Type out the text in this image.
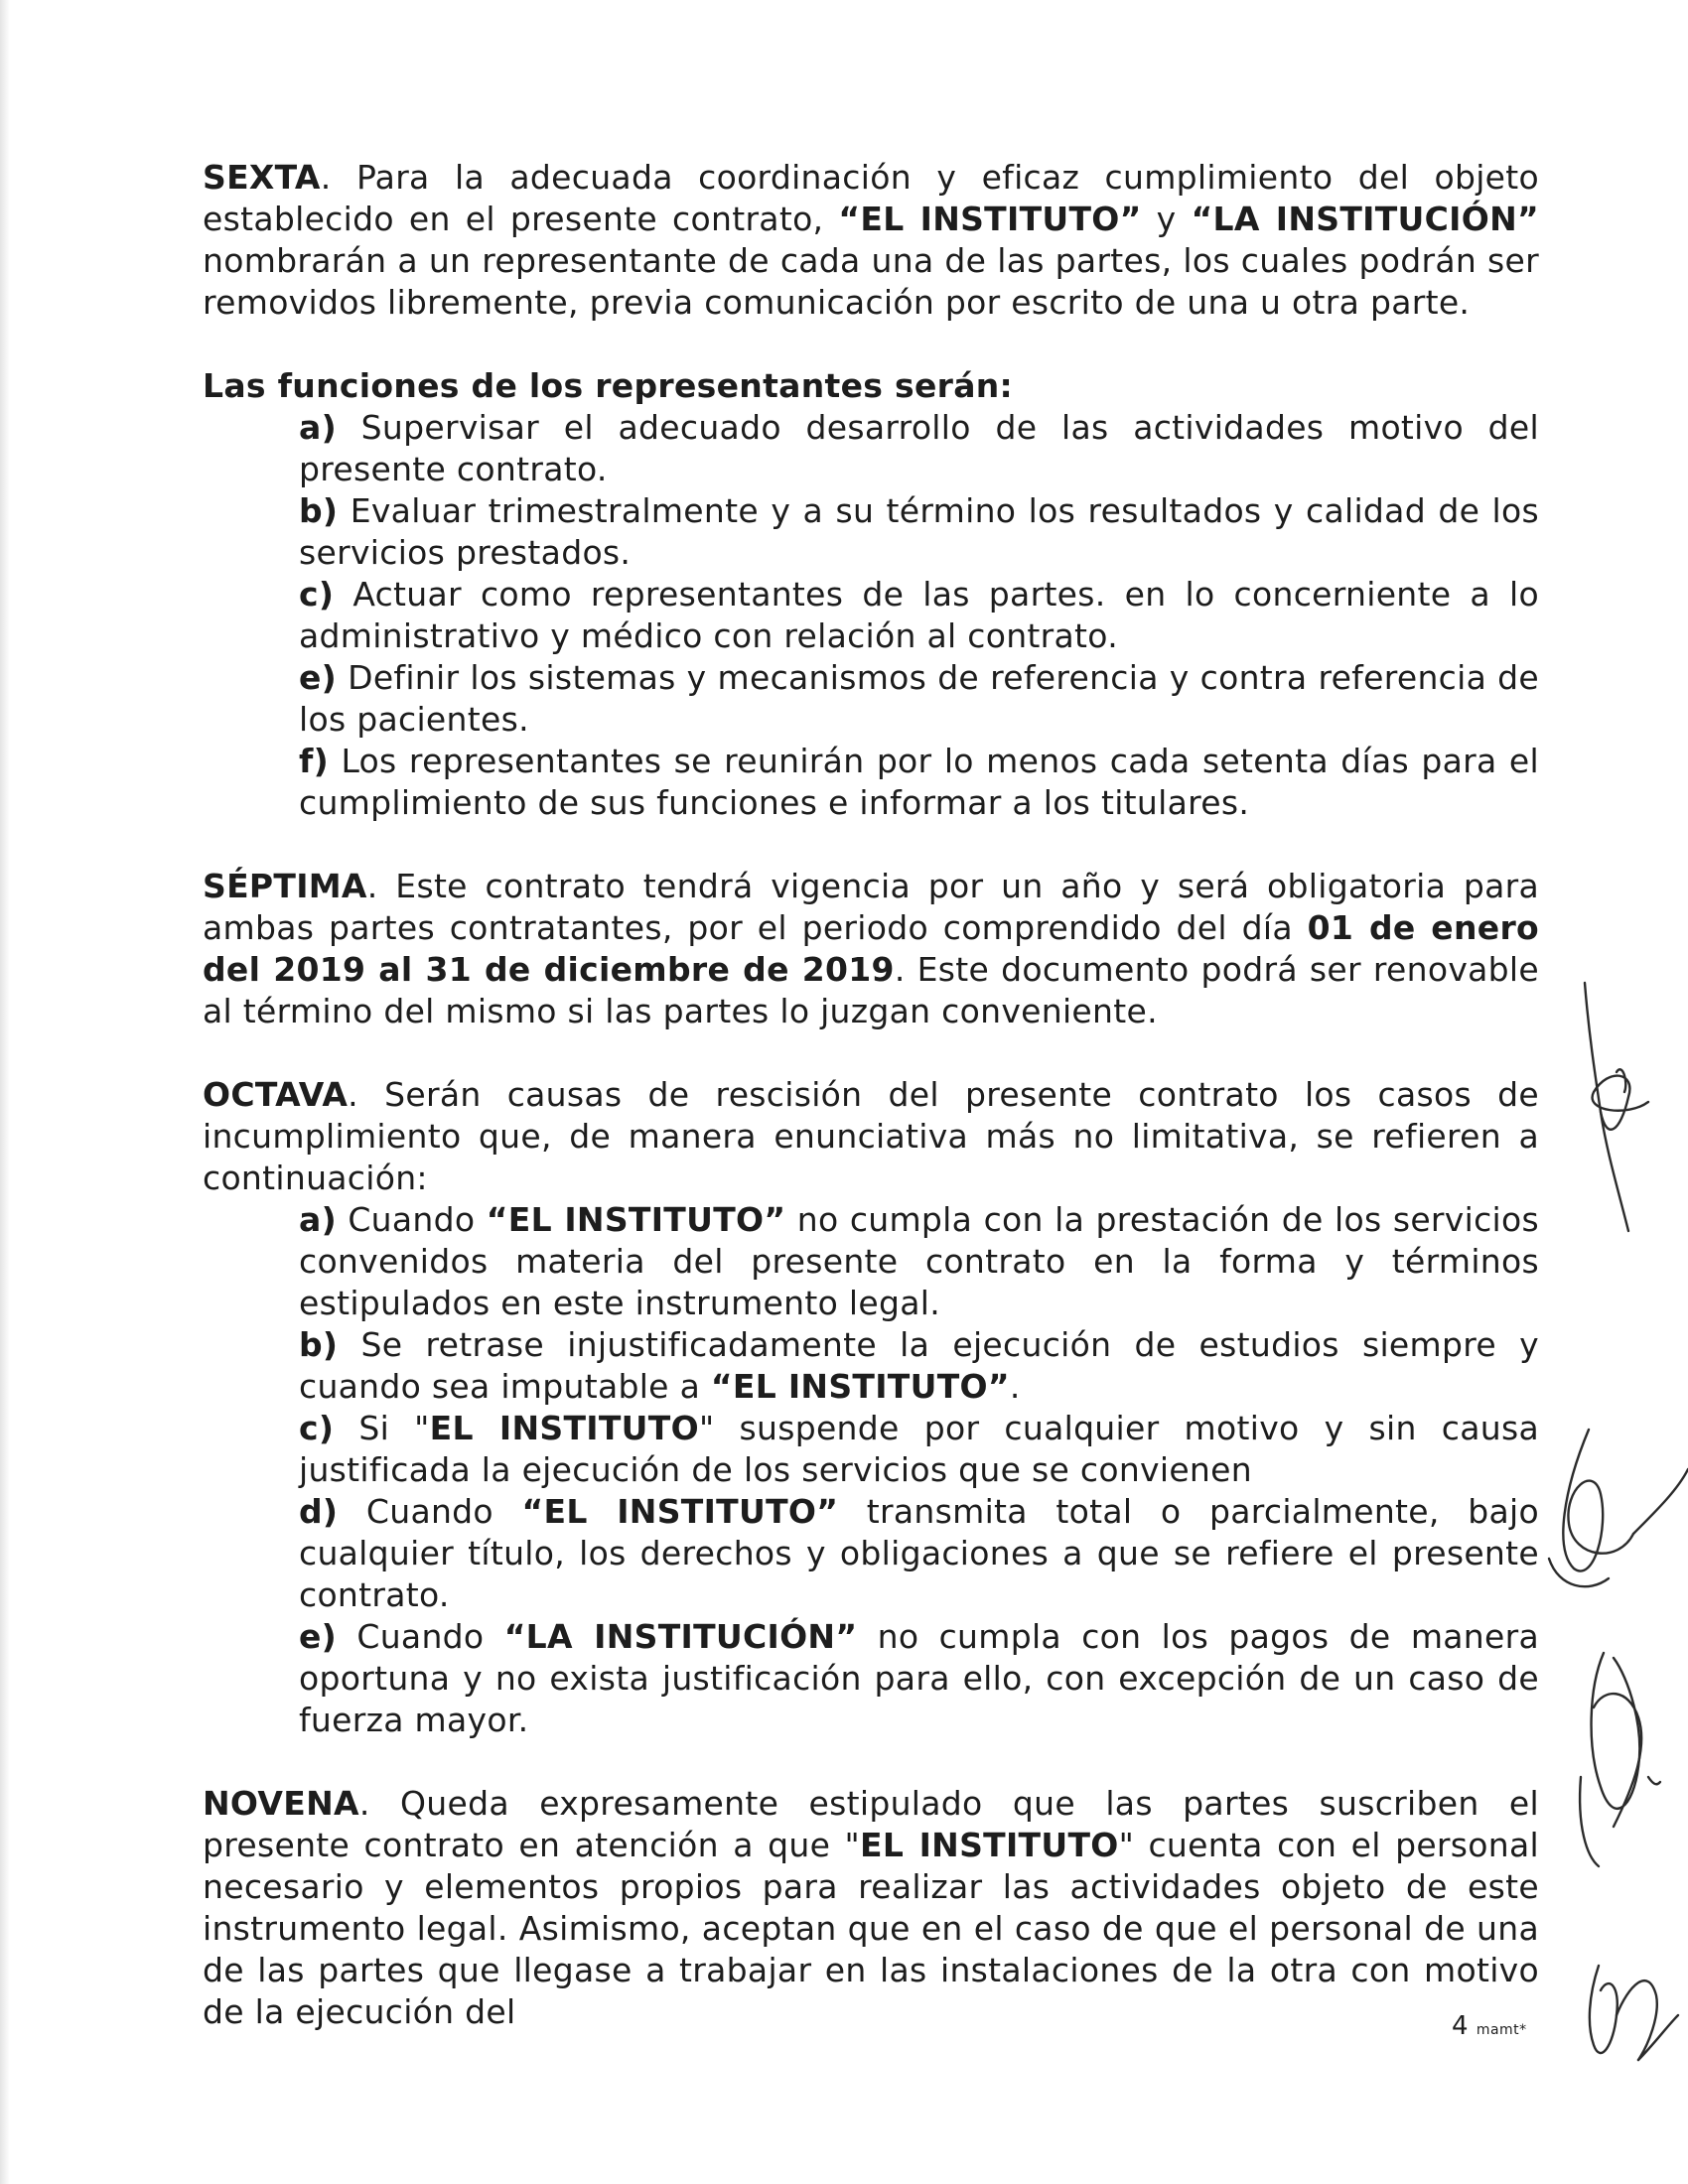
SEXTA. Para la adecuada coordinación y eficaz cumplimiento del objeto establecido en el presente contrato, “EL INSTITUTO” y “LA INSTITUCIÓN” nombrarán a un representante de cada una de las partes, los cuales podrán ser removidos libremente, previa comunicación por escrito de una u otra parte.

Las funciones de los representantes serán:

a) Supervisar el adecuado desarrollo de las actividades motivo del presente contrato.

b) Evaluar trimestralmente y a su término los resultados y calidad de los servicios prestados.

c) Actuar como representantes de las partes. en lo concerniente a lo administrativo y médico con relación al contrato.

e) Definir los sistemas y mecanismos de referencia y contra referencia de los pacientes.

f) Los representantes se reunirán por lo menos cada setenta días para el cumplimiento de sus funciones e informar a los titulares.

SÉPTIMA. Este contrato tendrá vigencia por un año y será obligatoria para ambas partes contratantes, por el periodo comprendido del día 01 de enero del 2019 al 31 de diciembre de 2019. Este documento podrá ser renovable al término del mismo si las partes lo juzgan conveniente.

OCTAVA. Serán causas de rescisión del presente contrato los casos de incumplimiento que, de manera enunciativa más no limitativa, se refieren a continuación:

a) Cuando “EL INSTITUTO” no cumpla con la prestación de los servicios convenidos materia del presente contrato en la forma y términos estipulados en este instrumento legal.

b) Se retrase injustificadamente la ejecución de estudios siempre y cuando sea imputable a “EL INSTITUTO”.

c) Si "EL INSTITUTO" suspende por cualquier motivo y sin causa justificada la ejecución de los servicios que se convienen

d) Cuando “EL INSTITUTO” transmita total o parcialmente, bajo cualquier título, los derechos y obligaciones a que se refiere el presente contrato.

e) Cuando “LA INSTITUCIÓN” no cumpla con los pagos de manera oportuna y no exista justificación para ello, con excepción de un caso de fuerza mayor.

NOVENA. Queda expresamente estipulado que las partes suscriben el presente contrato en atención a que "EL INSTITUTO" cuenta con el personal necesario y elementos propios para realizar las actividades objeto de este instrumento legal. Asimismo, aceptan que en el caso de que el personal de una de las partes que llegase a trabajar en las instalaciones de la otra con motivo de la ejecución del	4 mamt*
